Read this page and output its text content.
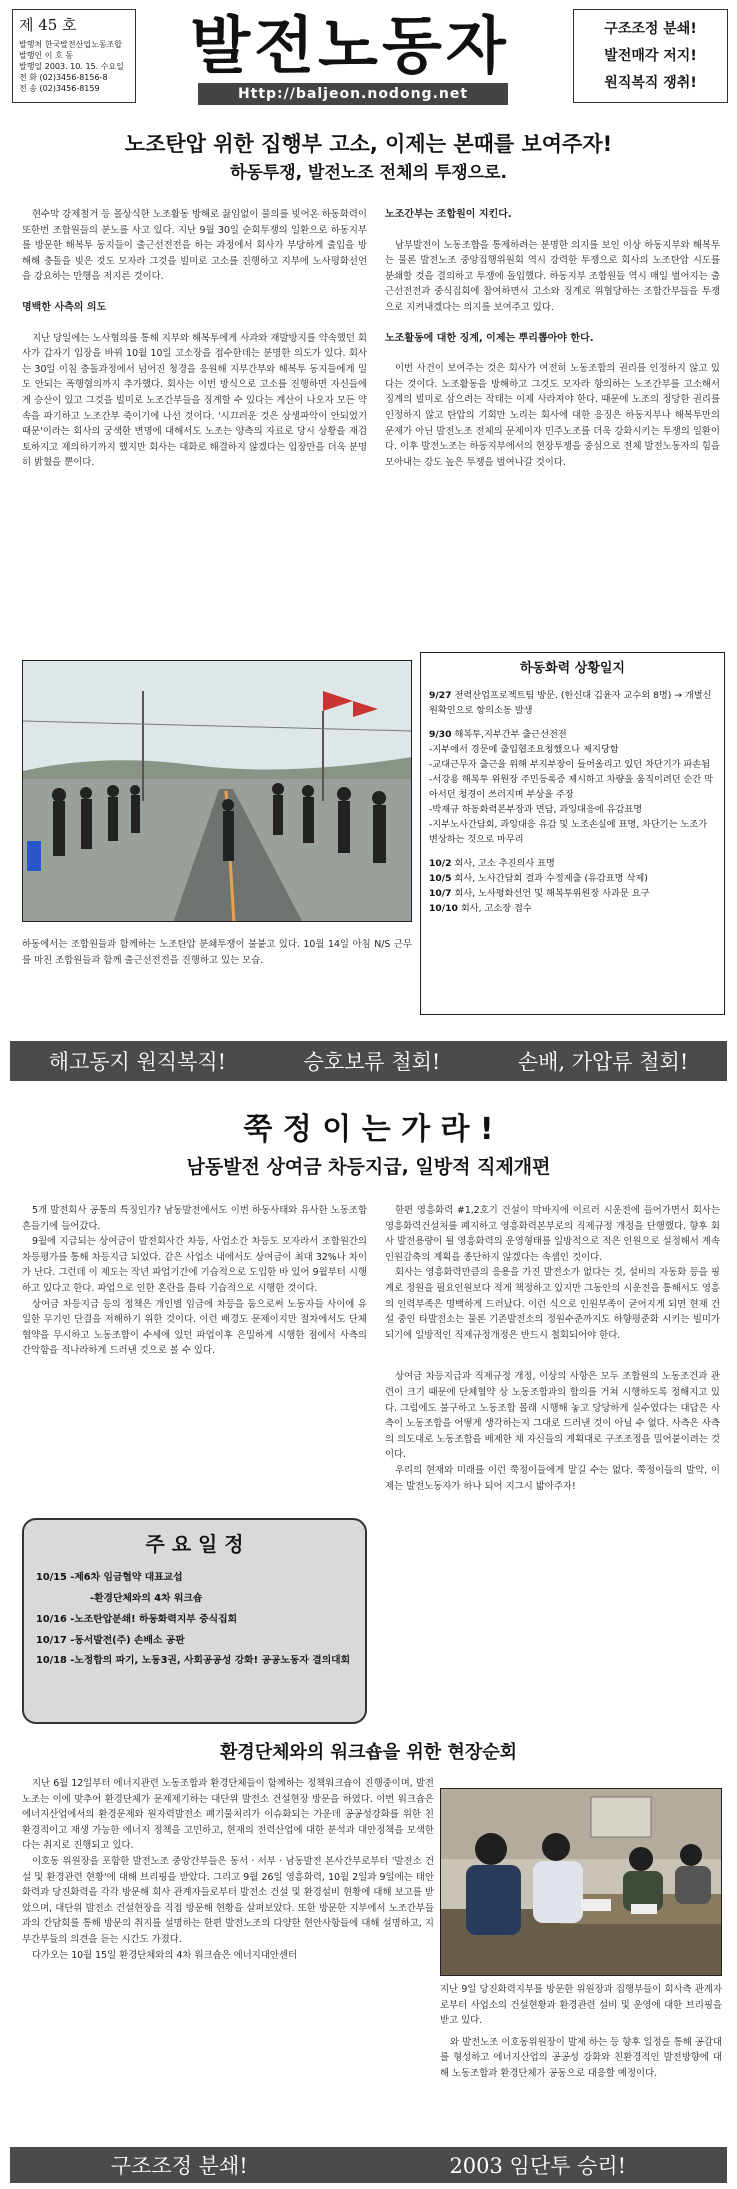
제 45 호
발행처 한국발전산업노동조합
발행인 이 호 동
발행일 2003. 10. 15. 수요일
전 화 (02)3456-8156-8
전 송 (02)3456-8159
발전노동자
Http://baljeon.nodong.net
구조조정 분쇄!
발전매각 저지!
원직복직 쟁취!
노조탄압 위한 집행부 고소, 이제는 본때를 보여주자!
하동투쟁, 발전노조 전체의 투쟁으로.

현수막 강제철거 등 몰상식한 노조활동 방해로 끓임없이 물의를 빚어온 하동화력이 또한번 조합원들의 분노를 사고 있다. 지난 9월 30일 순회투쟁의 일환으로 하동지부를 방문한 해복투 동지들이 출근선전전을 하는 과정에서 회사가 부당하게 출입을 방해해 충돌을 빚은 것도 모자라 그것을 빌미로 고소를 진행하고 지부에 노사평화선언을 강요하는 만행을 저지른 것이다.

명백한 사측의 의도

지난 당일에는 노사협의를 통해 지부와 해복투에게 사과와 재발방지를 약속했던 회사가 갑자기 입장을 바꿔 10월 10일 고소장을 접수한데는 분명한 의도가 있다. 회사는 30일 이침 충돌과정에서 넘어진 청경을 응원해 지부간부와 해복투 동지들에게 밀도 안되는 폭행혐의까지 추가했다. 회사는 이번 방식으로 고소를 진행하면 자신들에게 승산이 있고 그것을 빌미로 노조간부들을 징계할 수 있다는 계산이 나오자 모든 약속을 파기하고 노조간부 죽이기에 나선 것이다. '시끄러운 것은 상생파악이 안되었기 때문'이라는 회사의 궁색한 변명에 대해서도 노조는 양측의 자료로 당시 상황을 재검토하지고 제의하기까지 했지만 회사는 대화로 해결하지 않겠다는 입장만을 더욱 분명히 밝혔을 뿐이다.

노조간부는 조합원이 지킨다.

남부발전이 노동조합을 통제하려는 분명한 의지를 보인 이상 하동지부와 해복투는 물론 발전노조 중앙집행위원회 역시 강력한 투쟁으로 회사의 노조탄압 시도를 분쇄할 것을 결의하고 투쟁에 돌입했다. 하동지부 조합원들 역시 매일 벌어지는 출근선전전과 중식집회에 참여하면서 고소와 징계로 위협당하는 조합간부들을 투쟁으로 지켜내겠다는 의지를 보여주고 있다.

노조활동에 대한 징계, 이제는 뿌리뽑아야 한다.

이번 사건이 보여주는 것은 회사가 여전히 노동조합의 권리를 인정하지 않고 있다는 것이다. 노조활동을 방해하고 그것도 모자라 항의하는 노조간부를 고소해서 징계의 빌미로 삼으려는 작태는 이제 사라져야 한다. 때문에 노조의 정당한 권리를 인정하지 않고 탄압의 기회만 노리는 회사에 대한 응징은 하동지부나 해복투만의 문제가 아닌 발전노조 전체의 문제이자 민주노조를 더욱 강화시키는 투쟁의 일환이다. 이후 발전노조는 하동지부에서의 현장투쟁을 중심으로 전체 발전노동자의 힘을 모아내는 강도 높은 투쟁을 벌여나갈 것이다.

하동에서는 조합원들과 함께하는 노조탄압 분쇄투쟁이 불붙고 있다. 10월 14일 아침 N/S 근무를 마친 조합원들과 함께 출근선전전을 진행하고 있는 모습.
하동화력 상황일지
9/27 전력산업프로젝트팀 방문. (한신대 김윤자 교수외 8명) → 개별신원확인으로 항의소동 발생
9/30 해복투,지부간부 출근선전전
-지부에서 경문에 출입협조요청했으나 제지당함
-교대근무자 출근을 위해 부지부장이 들어올리고 있던 차단기가 파손됨
-서강용 해복투 위원장 주민등록증 제시하고 차량을 움직이려던 순간 막아서던 청경이 쓰러지며 부상을 주장
-박재규 하동화력본부장과 면담, 과잉대응에 유감표명
-지부노사간담회, 과잉대응 유감 및 노조손실에 표명, 차단기는 노조가 변상하는 것으로 마무리
10/2 회사, 고소 추진의사 표명
10/5 회사, 노사간담회 결과 수정제출 (유감표명 삭제)
10/7 회사, 노사평화선언 및 해복투위원장 사과문 요구
10/10 회사, 고소장 접수
해고동지 원직복직!	승호보류 철회!	손배, 가압류 철회!
쭉 정 이 는 가 라 !
남동발전 상여금 차등지급, 일방적 직제개편

5개 발전회사 공통의 특징인가? 남동발전에서도 이번 하동사태와 유사한 노동조합 흔들기에 들어갔다.

9월에 지급되는 상여금이 발전회사간 차등, 사업소간 차등도 모자라서 조합원간의 차등평가를 통해 차등지급 되었다. 같은 사업소 내에서도 상여금이 최대 32%나 차이가 난다. 그런데 이 제도는 작년 파업기간에 기습적으로 도입한 바 있어 9월부터 시행하고 있다고 한다. 파업으로 인한 혼란을 틈타 기습적으로 시행한 것이다.

상여금 차등지급 등의 정책은 개인별 임금에 차등을 둠으로써 노동자들 사이에 유일한 무기인 단결을 저해하기 위한 것이다. 이런 배경도 문제이지만 절차에서도 단체협약을 무시하고 노동조합이 수세에 있던 파업이후 은밀하게 시행한 점에서 사측의 간악함을 적나라하게 드러낸 것으로 볼 수 있다.

한편 영흥화력 #1,2호기 건설이 막바지에 이르러 시운전에 들어가면서 회사는 영흥화력건설처를 폐지하고 영흥화력본부로의 직제규정 개정을 단행했다. 향후 회사 발전용량이 될 영흥화력의 운영형태를 일방적으로 적은 인원으로 설정해서 계속 인원감축의 계획을 종단하지 않겠다는 속셈인 것이다.

회사는 영흥화력만큼의 응용을 가진 발전소가 없다는 것, 설비의 자동화 등을 핑계로 정원을 필요인원보다 적게 책정하고 있지만 그동안의 시운전을 통해서도 영흥의 인력부족은 명백하게 드러났다. 이런 식으로 인원부족이 굳어지게 되면 현재 건설 중인 타발전소는 물론 기존발전소의 정원수준까지도 하향평준화 시키는 빌미가 되기에 일방적인 직제규정개정은 반드시 철회되어야 한다.

상여금 차등지급과 직제규정 개정, 이상의 사항은 모두 조합원의 노동조건과 관련이 크기 때문에 단체협약 상 노동조합과의 합의를 거쳐 시행하도록 정해지고 있다. 그럼에도 불구하고 노동조합 몰래 시행해 놓고 당당하게 실수였다는 대답은 사측이 노동조합을 어떻게 생각하는지 그대로 드러낸 것이 아닐 수 없다. 사측은 사측의 의도대로 노동조합을 배제한 채 자신들의 계획대로 구조조정을 밀어붙이려는 것이다.

우리의 현재와 미래를 이런 쭉정이들에게 맡길 수는 없다. 쭉정이들의 발악, 이제는 발전노동자가 하나 되어 지그시 밟아주자!

주 요 일 정
10/15 -제6차 임금협약 대표교섭
-환경단체와의 4차 워크숍
10/16 -노조탄압분쇄! 하동화력지부 중식집회
10/17 -동서발전(주) 손배소 공판
10/18 -노정합의 파기, 노동3권, 사회공공성 강화! 공공노동자 결의대회
환경단체와의 워크숍을 위한 현장순회

지난 6월 12일부터 에너지관련 노동조합과 환경단체들이 함께하는 정책워크숍이 진행중이며, 발전노조는 이에 맞추어 환경단체가 문제제기하는 대단위 발전소 건설현장 방문을 하였다. 이번 워크숍은 에너지산업에서의 환경문제와 원자력발전소 폐기물처리가 이슈화되는 가운데 공공성강화를 위한 친환경적이고 재생 가능한 에너지 정책을 고민하고, 현재의 전력산업에 대한 분석과 대안정책을 모색한다는 취지로 진행되고 있다.

이호동 위원장을 포함한 발전노조 중앙간부들은 동서 · 서부 · 남동발전 본사간부로부터 '발전소 건설 및 환경관련 현황'에 대해 브리핑을 받았다. 그리고 9월 26일 영흥화력, 10월 2일과 9일에는 태안화력과 당진화력을 각각 방문해 회사 관계자들로부터 발전소 건설 및 환경설비 현황에 대해 보고를 받았으며, 대단위 발전소 건설현장을 직접 방문해 현황을 살펴보았다. 또한 방문한 지부에서 노조간부들과의 간담회를 통해 방문의 취지를 설명하는 한편 발전노조의 다양한 현안사항들에 대해 설명하고, 지부간부들의 의견을 듣는 시간도 가졌다.

다가오는 10월 15일 환경단체와의 4차 워크숍은 에너지대안센터

지난 9일 당진화력지부를 방문한 위원장과 집행부들이 회사측 관계자로부터 사업소의 건설현황과 환경관련 설비 및 운영에 대한 브리핑을 받고 있다.

와 발전노조 이호동위원장이 발제 하는 등 향후 일정을 통해 공감대를 형성하고 에너지산업의 공공성 강화와 친환경적인 발전방향에 대해 노동조합과 환경단체가 공동으로 대응할 예정이다.

구조조정 분쇄!	2003 임단투 승리!
